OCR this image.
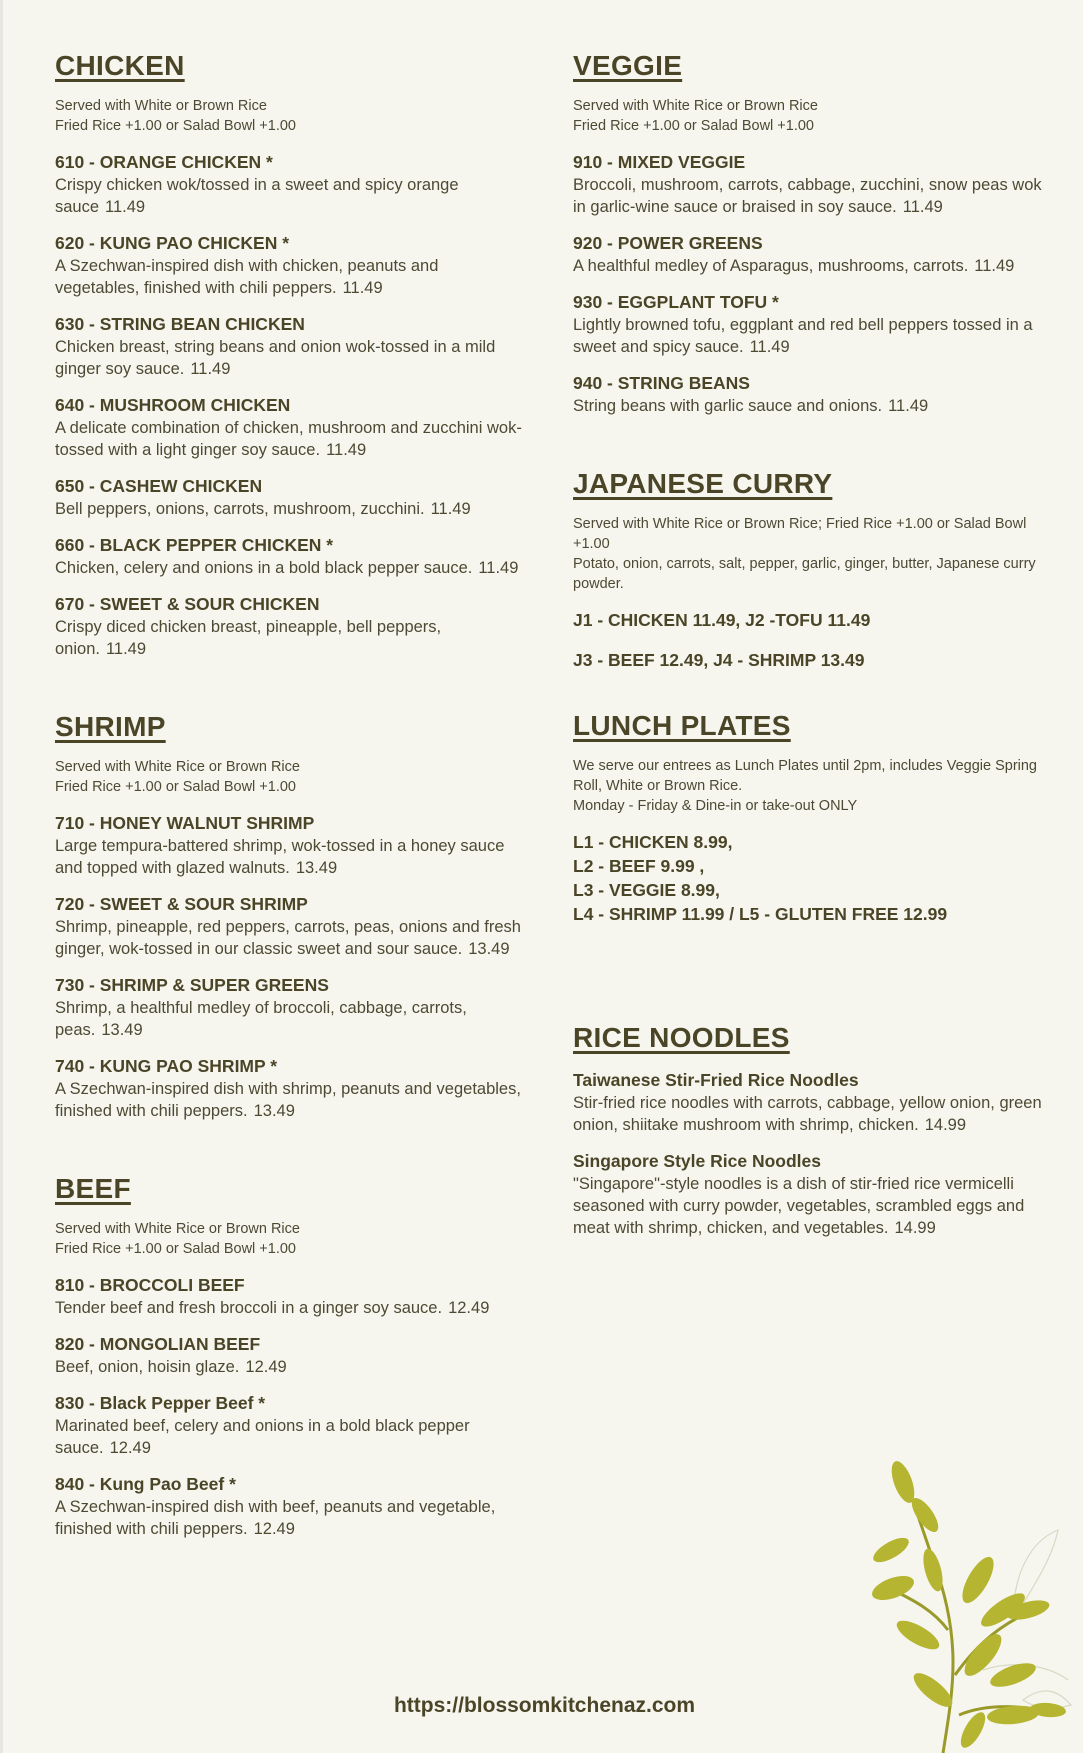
CHICKEN
Served with White or Brown Rice
Fried Rice +1.00 or Salad Bowl +1.00
610 - ORANGE CHICKEN *
Crispy chicken wok/tossed in a sweet and spicy orange sauce 11.49
620 - KUNG PAO CHICKEN *
A Szechwan-inspired dish with chicken, peanuts and vegetables, finished with chili peppers. 11.49
630 - STRING BEAN CHICKEN
Chicken breast, string beans and onion wok-tossed in a mild ginger soy sauce. 11.49
640 - MUSHROOM CHICKEN
A delicate combination of chicken, mushroom and zucchini wok-tossed with a light ginger soy sauce. 11.49
650 - CASHEW CHICKEN
Bell peppers, onions, carrots, mushroom, zucchini. 11.49
660 - BLACK PEPPER CHICKEN *
Chicken, celery and onions in a bold black pepper sauce. 11.49
670 - SWEET & SOUR CHICKEN
Crispy diced chicken breast, pineapple, bell peppers, onion. 11.49
SHRIMP
Served with White Rice or Brown Rice
Fried Rice +1.00 or Salad Bowl +1.00
710 - HONEY WALNUT SHRIMP
Large tempura-battered shrimp, wok-tossed in a honey sauce and topped with glazed walnuts. 13.49
720 - SWEET & SOUR SHRIMP
Shrimp, pineapple, red peppers, carrots, peas, onions and fresh ginger, wok-tossed in our classic sweet and sour sauce. 13.49
730 - SHRIMP & SUPER GREENS
Shrimp, a healthful medley of broccoli, cabbage, carrots, peas. 13.49
740 - KUNG PAO SHRIMP *
A Szechwan-inspired dish with shrimp, peanuts and vegetables, finished with chili peppers. 13.49
BEEF
Served with White Rice or Brown Rice
Fried Rice +1.00 or Salad Bowl +1.00
810 - BROCCOLI BEEF
Tender beef and fresh broccoli in a ginger soy sauce. 12.49
820 - MONGOLIAN BEEF
Beef, onion, hoisin glaze. 12.49
830 - Black Pepper Beef *
Marinated beef, celery and onions in a bold black pepper sauce. 12.49
840 - Kung Pao Beef *
A Szechwan-inspired dish with beef, peanuts and vegetable, finished with chili peppers. 12.49
VEGGIE
Served with White Rice or Brown Rice
Fried Rice +1.00 or Salad Bowl +1.00
910 - MIXED VEGGIE
Broccoli, mushroom, carrots, cabbage, zucchini, snow peas wok in garlic-wine sauce or braised in soy sauce. 11.49
920 - POWER GREENS
A healthful medley of Asparagus, mushrooms, carrots. 11.49
930 - EGGPLANT TOFU *
Lightly browned tofu, eggplant and red bell peppers tossed in a sweet and spicy sauce. 11.49
940 - STRING BEANS
String beans with garlic sauce and onions. 11.49
JAPANESE CURRY
Served with White Rice or Brown Rice; Fried Rice +1.00 or Salad Bowl +1.00
Potato, onion, carrots, salt, pepper, garlic, ginger, butter, Japanese curry powder.
J1 - CHICKEN 11.49, J2 -TOFU 11.49
J3 - BEEF 12.49, J4 - SHRIMP 13.49
LUNCH PLATES
We serve our entrees as Lunch Plates until 2pm, includes Veggie Spring Roll, White or Brown Rice.
Monday - Friday & Dine-in or take-out ONLY
L1 - CHICKEN 8.99,
L2 - BEEF 9.99 ,
L3 - VEGGIE 8.99,
L4 - SHRIMP 11.99 / L5 - GLUTEN FREE 12.99
RICE NOODLES
Taiwanese Stir-Fried Rice Noodles
Stir-fried rice noodles with carrots, cabbage, yellow onion, green onion, shiitake mushroom with shrimp, chicken. 14.99
Singapore Style Rice Noodles
"Singapore"-style noodles is a dish of stir-fried rice vermicelli seasoned with curry powder, vegetables, scrambled eggs and meat with shrimp, chicken, and vegetables. 14.99
https://blossomkitchenaz.com
